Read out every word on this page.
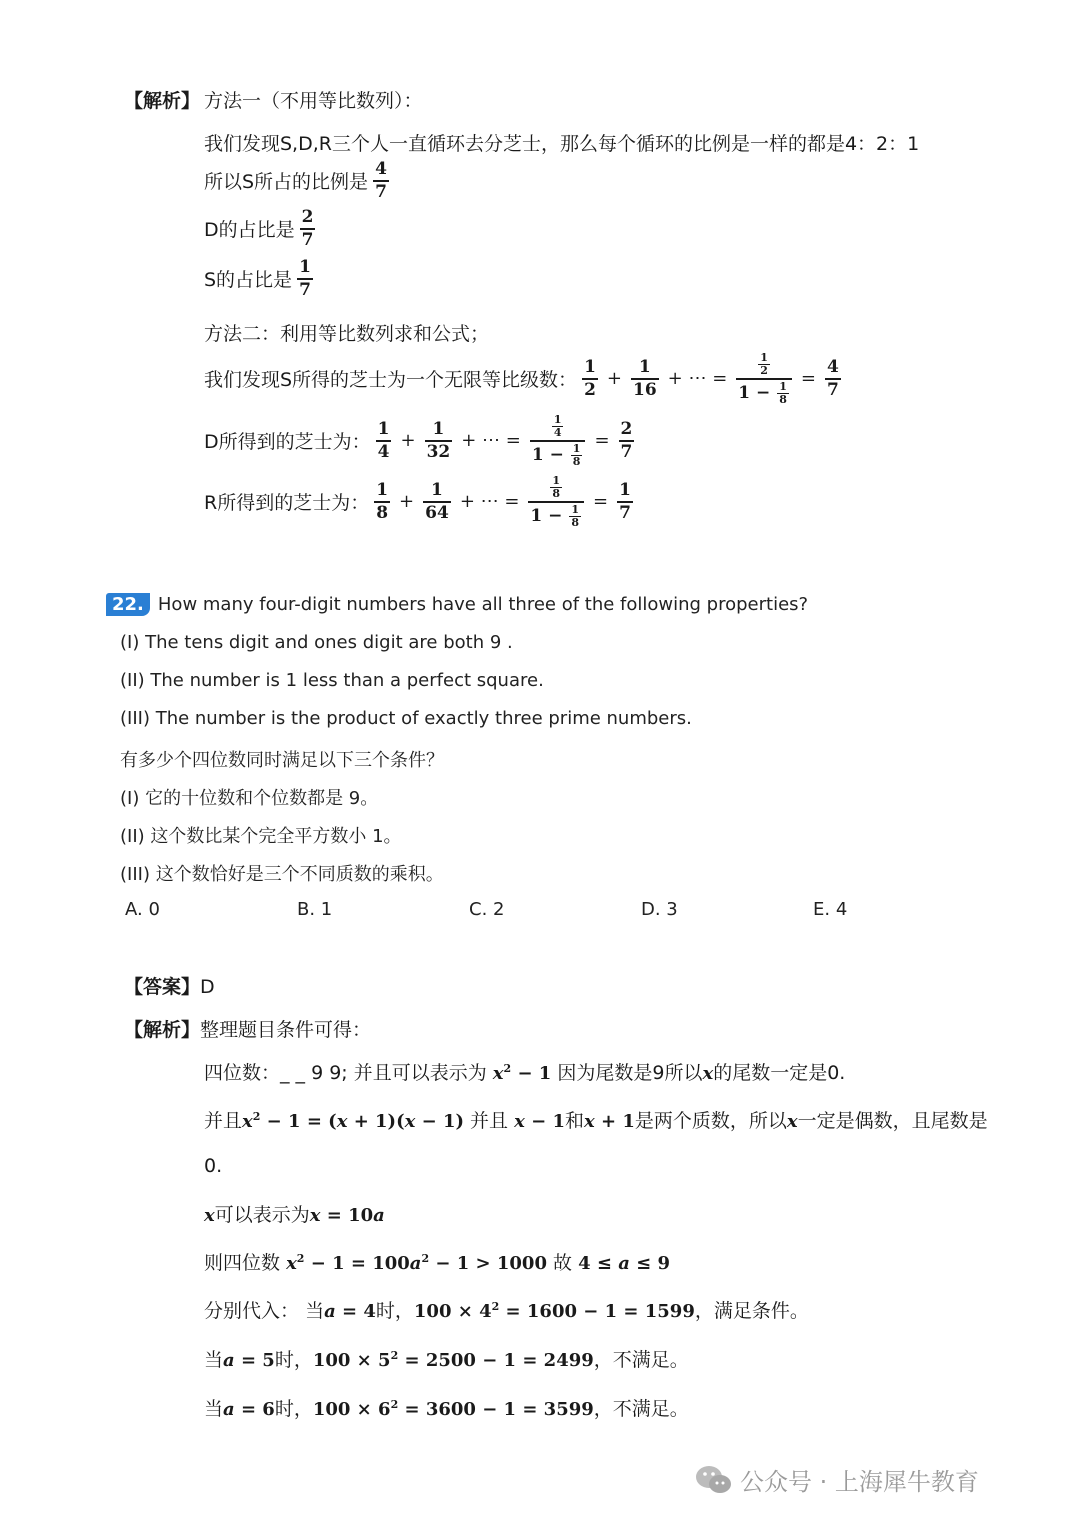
【解析】 方法一（不用等比数列）：
我们发现S,D,R三个人一直循环去分芝士，那么每个循环的比例是一样的都是4：2：1
所以S所占的比例是
4
7
D的占比是
2
7
S的占比是
1
7
方法二：利用等比数列求和公式；
我们发现S所得的芝士为一个无限等比级数：
1
2
+
1
16
+ ⋯ =
$\frac{1}{2}$
$1 - \frac{1}{8}$
=
4
7
D所得到的芝士为：
1
4
+
1
32
+ ⋯ =
$\frac{1}{4}$
$1 - \frac{1}{8}$
=
2
7
R所得到的芝士为：
1
8
+
1
64
+ ⋯ =
$\frac{1}{8}$
$1 - \frac{1}{8}$
=
1
7
22. How many four-digit numbers have all three of the following properties?
(I) The tens digit and ones digit are both 9 .
(II) The number is 1 less than a perfect square.
(III) The number is the product of exactly three prime numbers.
有多少个四位数同时满足以下三个条件？
(I) 它的十位数和个位数都是 9。
(II) 这个数比某个完全平方数小 1。
(III) 这个数恰好是三个不同质数的乘积。
A. 0	B. 1	C. 2	D. 3	E. 4
【答案】D
【解析】整理题目条件可得：
四位数：_ _ 9 9; 并且可以表示为 $x^2 - 1$ 因为尾数是9所以x的尾数一定是0.
并且$x^2 - 1 = (x + 1)(x - 1)$ 并且 x − 1和x + 1是两个质数，所以x一定是偶数，且尾数是
0.
x可以表示为x = 10a
则四位数 $x^2 - 1 = 100a^2 - 1 > 1000$ 故 4 ≤ a ≤ 9
分别代入： 当a = 4时，$100 \times 4^2 = 1600 - 1 = 1599$，满足条件。
当a = 5时，$100 \times 5^2 = 2500 - 1 = 2499$，不满足。
当a = 6时，$100 \times 6^2 = 3600 - 1 = 3599$，不满足。
公众号 · 上海犀牛教育
